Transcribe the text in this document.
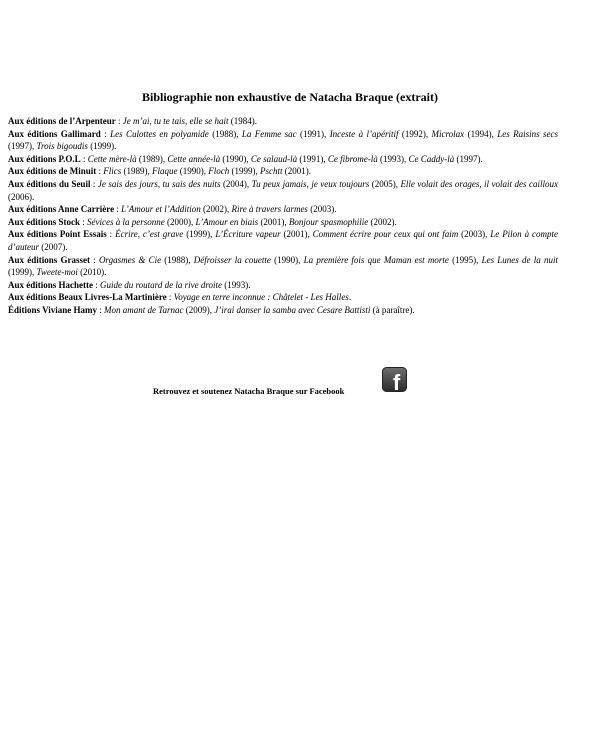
Bibliographie non exhaustive de Natacha Braque (extrait)

Aux éditions de l’Arpenteur : Je m’ai, tu te tais, elle se hait (1984).

Aux éditions Gallimard : Les Culottes en polyamide (1988), La Femme sac (1991), Inceste à l’apéritif (1992), Microlax (1994), Les Raisins secs (1997), Trois bigoudis (1999).

Aux éditions P.O.L : Cette mère-là (1989), Cette année-là (1990), Ce salaud-là (1991), Ce fibrome-là (1993), Ce Caddy-là (1997).

Aux éditions de Minuit : Flics (1989), Flaque (1990), Floch (1999), Pschtt (2001).

Aux éditions du Seuil : Je sais des jours, tu sais des nuits (2004), Tu peux jamais, je veux toujours (2005), Elle volait des orages, il volait des cailloux (2006).

Aux éditions Anne Carrière : L’Amour et l’Addition (2002), Rire à travers larmes (2003).

Aux éditions Stock : Sévices à la personne (2000), L’Amour en biais (2001), Bonjour spasmophilie (2002).

Aux éditions Point Essais : Écrire, c’est grave (1999), L’Écriture vapeur (2001), Comment écrire pour ceux qui ont faim (2003), Le Pilon à compte d’auteur (2007).

Aux éditions Grasset : Orgasmes & Cie (1988), Défroisser la couette (1990), La première fois que Maman est morte (1995), Les Lunes de la nuit (1999), Tweete-moi (2010).

Aux éditions Hachette : Guide du routard de la rive droite (1993).

Aux éditions Beaux Livres-La Martinière : Voyage en terre inconnue : Châtelet - Les Halles.

Éditions Viviane Hamy : Mon amant de Tarnac (2009), J’irai danser la samba avec Cesare Battisti (à paraître).

Retrouvez et soutenez Natacha Braque sur Facebook f
